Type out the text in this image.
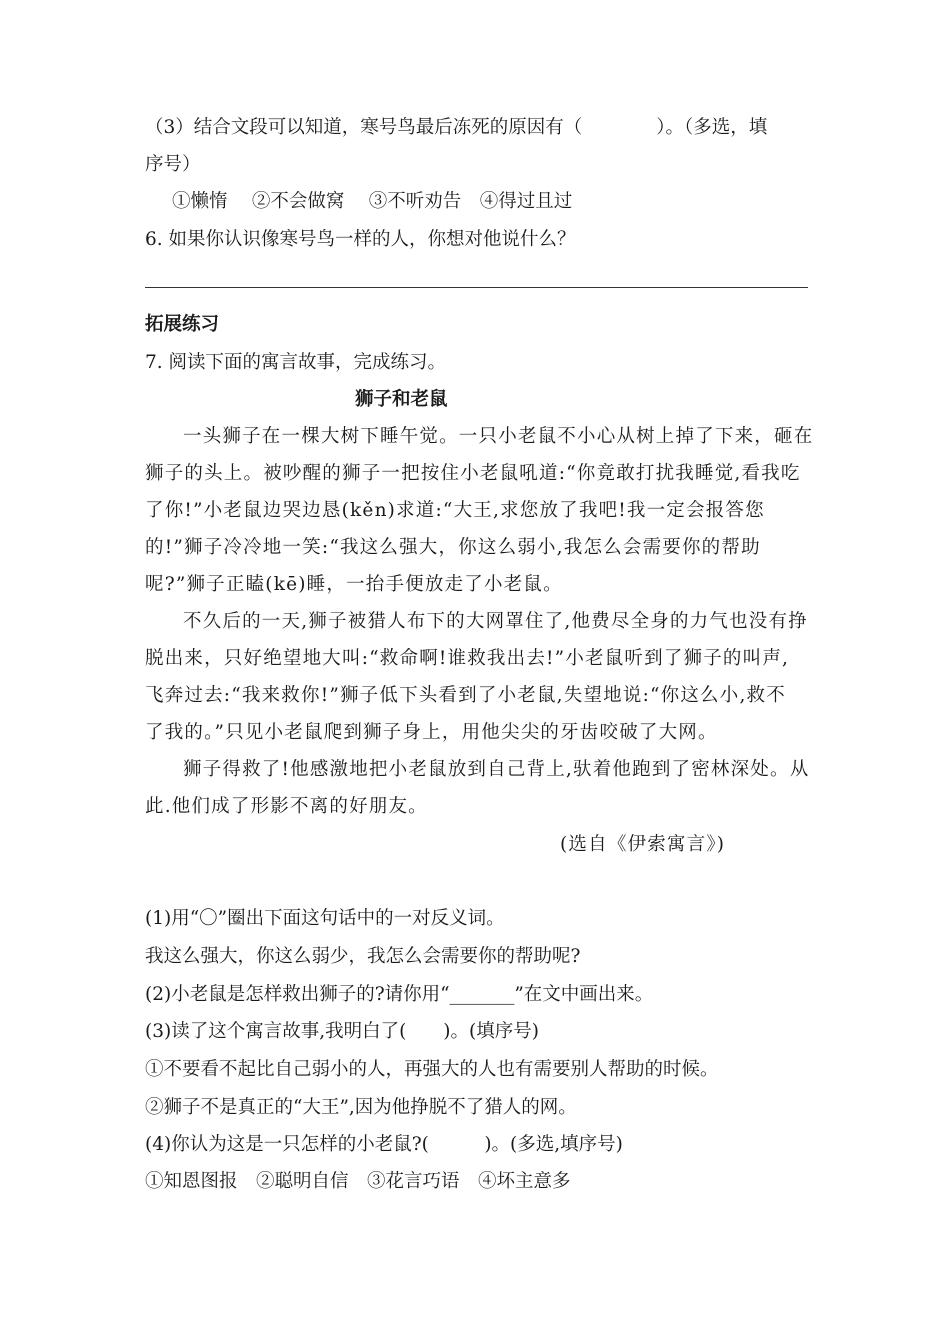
（3）结合文段可以知道，寒号鸟最后冻死的原因有（　　　　）。（多选，填
序号）
①懒惰　 ②不会做窝 　③不听劝告　④得过且过
6. 如果你认识像寒号鸟一样的人，你想对他说什么？
拓展练习
7. 阅读下面的寓言故事，完成练习。
狮子和老鼠
一头狮子在一棵大树下睡午觉。一只小老鼠不小心从树上掉了下来，砸在
狮子的头上。被吵醒的狮子一把按住小老鼠吼道:“你竟敢打扰我睡觉,看我吃
了你!”小老鼠边哭边恳(kěn)求道:“大王,求您放了我吧!我一定会报答您
的!”狮子冷冷地一笑:“我这么强大，你这么弱小,我怎么会需要你的帮助
呢?”狮子正瞌(kē)睡，一抬手便放走了小老鼠。
不久后的一天,狮子被猎人布下的大网罩住了,他费尽全身的力气也没有挣
脱出来，只好绝望地大叫:“救命啊!谁救我出去!”小老鼠听到了狮子的叫声,
飞奔过去:“我来救你!”狮子低下头看到了小老鼠,失望地说:“你这么小,救不
了我的。”只见小老鼠爬到狮子身上，用他尖尖的牙齿咬破了大网。
狮子得救了!他感激地把小老鼠放到自己背上,驮着他跑到了密林深处。从
此.他们成了形影不离的好朋友。
(选自《伊索寓言》)
(1)用“〇”圈出下面这句话中的一对反义词。
我这么强大，你这么弱少，我怎么会需要你的帮助呢?
(2)小老鼠是怎样救出狮子的?请你用“_______”在文中画出来。
(3)读了这个寓言故事,我明白了(　　)。(填序号)
①不要看不起比自己弱小的人，再强大的人也有需要别人帮助的时候。
②狮子不是真正的“大王”,因为他挣脱不了猎人的网。
(4)你认为这是一只怎样的小老鼠?(　　　)。(多选,填序号)
①知恩图报　②聪明自信　③花言巧语　④坏主意多
